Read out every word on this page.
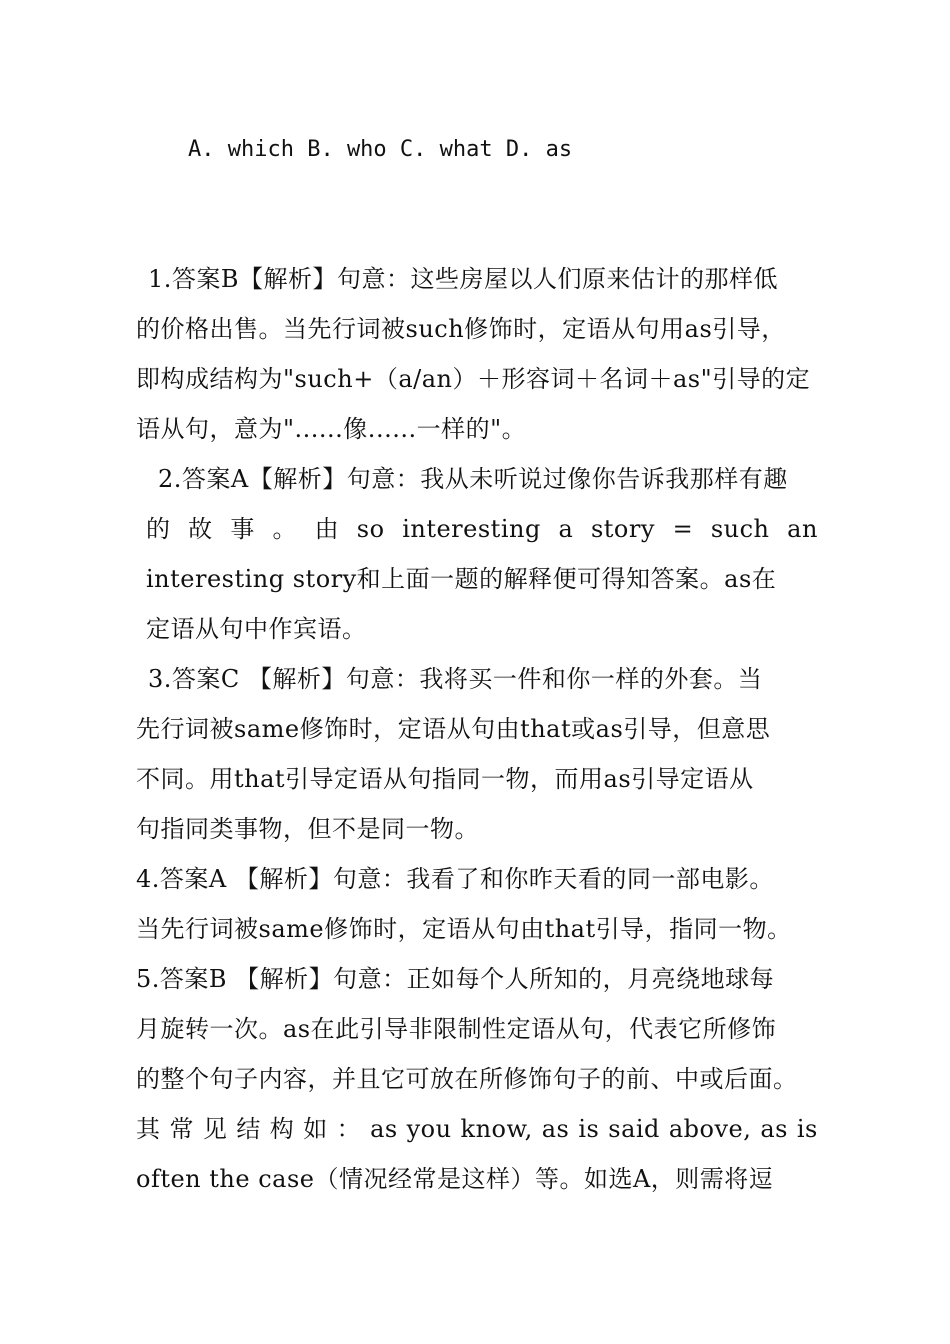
A. which B. who C. what D. as
1.答案B【解析】句意：这些房屋以人们原来估计的那样低
的价格出售。当先行词被such修饰时，定语从句用as引导，
即构成结构为"such+（a/an）＋形容词＋名词＋as"引导的定
语从句，意为"......像......一样的"。
2.答案A【解析】句意：我从未听说过像你告诉我那样有趣
的 故 事 。 由 so interesting a story = such an
interesting story和上面一题的解释便可得知答案。as在
定语从句中作宾语。
3.答案C 【解析】句意：我将买一件和你一样的外套。当
先行词被same修饰时，定语从句由that或as引导，但意思
不同。用that引导定语从句指同一物，而用as引导定语从
句指同类事物，但不是同一物。
4.答案A 【解析】句意：我看了和你昨天看的同一部电影。
当先行词被same修饰时，定语从句由that引导，指同一物。
5.答案B 【解析】句意：正如每个人所知的，月亮绕地球每
月旋转一次。as在此引导非限制性定语从句，代表它所修饰
的整个句子内容，并且它可放在所修饰句子的前、中或后面。
其 常 见 结 构 如 ： as you know, as is said above, as is
often the case（情况经常是这样）等。如选A，则需将逗
